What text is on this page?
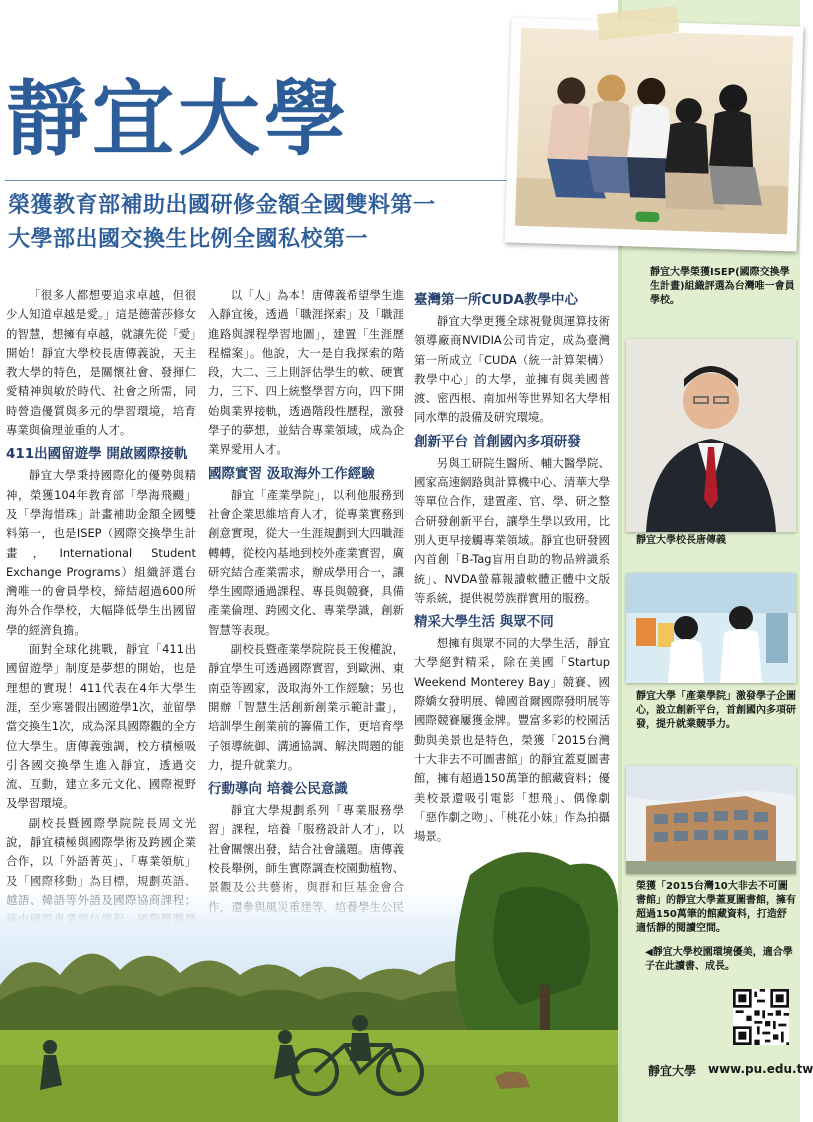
靜宜大學
榮獲教育部補助出國研修金額全國雙料第一
大學部出國交換生比例全國私校第一

「很多人都想要追求卓越，但很少人知道卓越是愛。」這是德蕾莎修女的智慧，想擁有卓越，就讓先從「愛」開始！靜宜大學校長唐傳義說，天主教大學的特色，是關懷社會、發揮仁愛精神與敏於時代、社會之所需，同時營造優質與多元的學習環境，培育專業與倫理並重的人才。

411出國留遊學 開啟國際接軌

靜宜大學秉持國際化的優勢與精神，榮獲104年教育部「學海飛颺」及「學海惜珠」計畫補助金額全國雙料第一，也是ISEP（國際交換學生計畫，International Student Exchange Programs）組織評選台灣唯一的會員學校，締結超過600所海外合作學校，大幅降低學生出國留學的經濟負擔。

面對全球化挑戰，靜宜「411出國留遊學」制度是夢想的開始，也是理想的實現！411代表在4年大學生涯，至少寒暑假出國遊學1次，並留學當交換生1次，成為深具國際觀的全方位大學生。唐傳義強調，校方積極吸引各國交換學生進入靜宜，透過交流、互動，建立多元文化、國際視野及學習環境。

副校長暨國際學院院長周文光說，靜宜積極與國際學術及跨國企業合作，以「外語菁英」、「專業領航」

以「人」為本！唐傳義希望學生進入靜宜後，透過「職涯探索」及「職涯進路與課程學習地圖」，建置「生涯歷程檔案」。他說，大一是自我探索的階段，大二、三上則評估學生的軟、硬實力，三下、四上統整學習方向，四下開始與業界接軌，透過階段性歷程，激發學子的夢想，並結合專業領域，成為企業界愛用人才。

國際實習 汲取海外工作經驗

靜宜「產業學院」，以利他服務到社會企業思維培育人才，從專業實務到創意實現，從大一生涯規劃到大四職涯轉轉，從校內基地到校外產業實習，廣研究結合產業需求，辦成學用合一，讓學生國際通過課程、專長與競賽，具備產業倫理、跨國文化、專業學識，創新智慧等表現。

副校長暨產業學院院長王俊權說，靜宜學生可透過國際實習，到歐洲、東南亞等國家，汲取海外工作經驗；另也開辦「智慧生活創新創業示範計畫」，培訓學生創業前的籌備工作，更培育學子領導統御、溝通協調、解決問題的能力，提升就業力。

行動導向 培養公民意識

靜宜大學規劃系列「專業服務學習」課程，培養「服務設計人才」，以社會關懷出發，結合社會議題。唐傳義校長舉例，師生實際調查校園動植物、

臺灣第一所CUDA教學中心

靜宜大學更獲全球視覺與運算技術領導廠商NVIDIA公司肯定，成為臺灣第一所成立「CUDA（統一計算架構）教學中心」的大學，並擁有與美國普渡、密西根、南加州等世界知名大學相同水準的設備及研究環境。

創新平台 首創國內多項研發

另與工研院生醫所、輔大醫學院、國家高速網路與計算機中心、清華大學等單位合作，建置產、官、學、研之整合研發創新平台，讓學生學以致用，比別人更早接觸專業領域。靜宜也研發國內首創「B-Tag盲用自助的物品辨識系統」、NVDA螢幕報讀軟體正體中文版等系統，提供視勞族群實用的服務。

精采大學生活 與眾不同

想擁有與眾不同的大學生活，靜宜大學絕對精采，除在美國「Startup Weekend Monterey Bay」競賽、國際嬌女發明展、韓國首爾國際發明展等國際競賽屢獲金牌。豐富多彩的校園活動與美景也是特色，榮獲「2015台灣十大非去不可圖書館」的靜宜蓋夏圖書館，擁有超過150萬筆的館藏資料；優美校景還吸引電影「想飛」、偶像劇「惡作劇之吻」、「桃花小妹」作為拍攝場景。

靜宜大學榮獲ISEP(國際交換學生計畫)組織評選為台灣唯一會員學校。
靜宜大學校長唐傳義
靜宜大學「產業學院」激發學子企圖心，設立創新平台，首創國內多項研發，提升就業競爭力。
榮獲「2015台灣10大非去不可圖書館」的靜宜大學蓋夏圖書館，擁有超過150萬筆的館藏資料，打造舒適恬靜的閱讀空間。
◀靜宜大學校園環境優美，適合學子在此讀書、成長。
靜宜大學 www.pu.edu.tw
